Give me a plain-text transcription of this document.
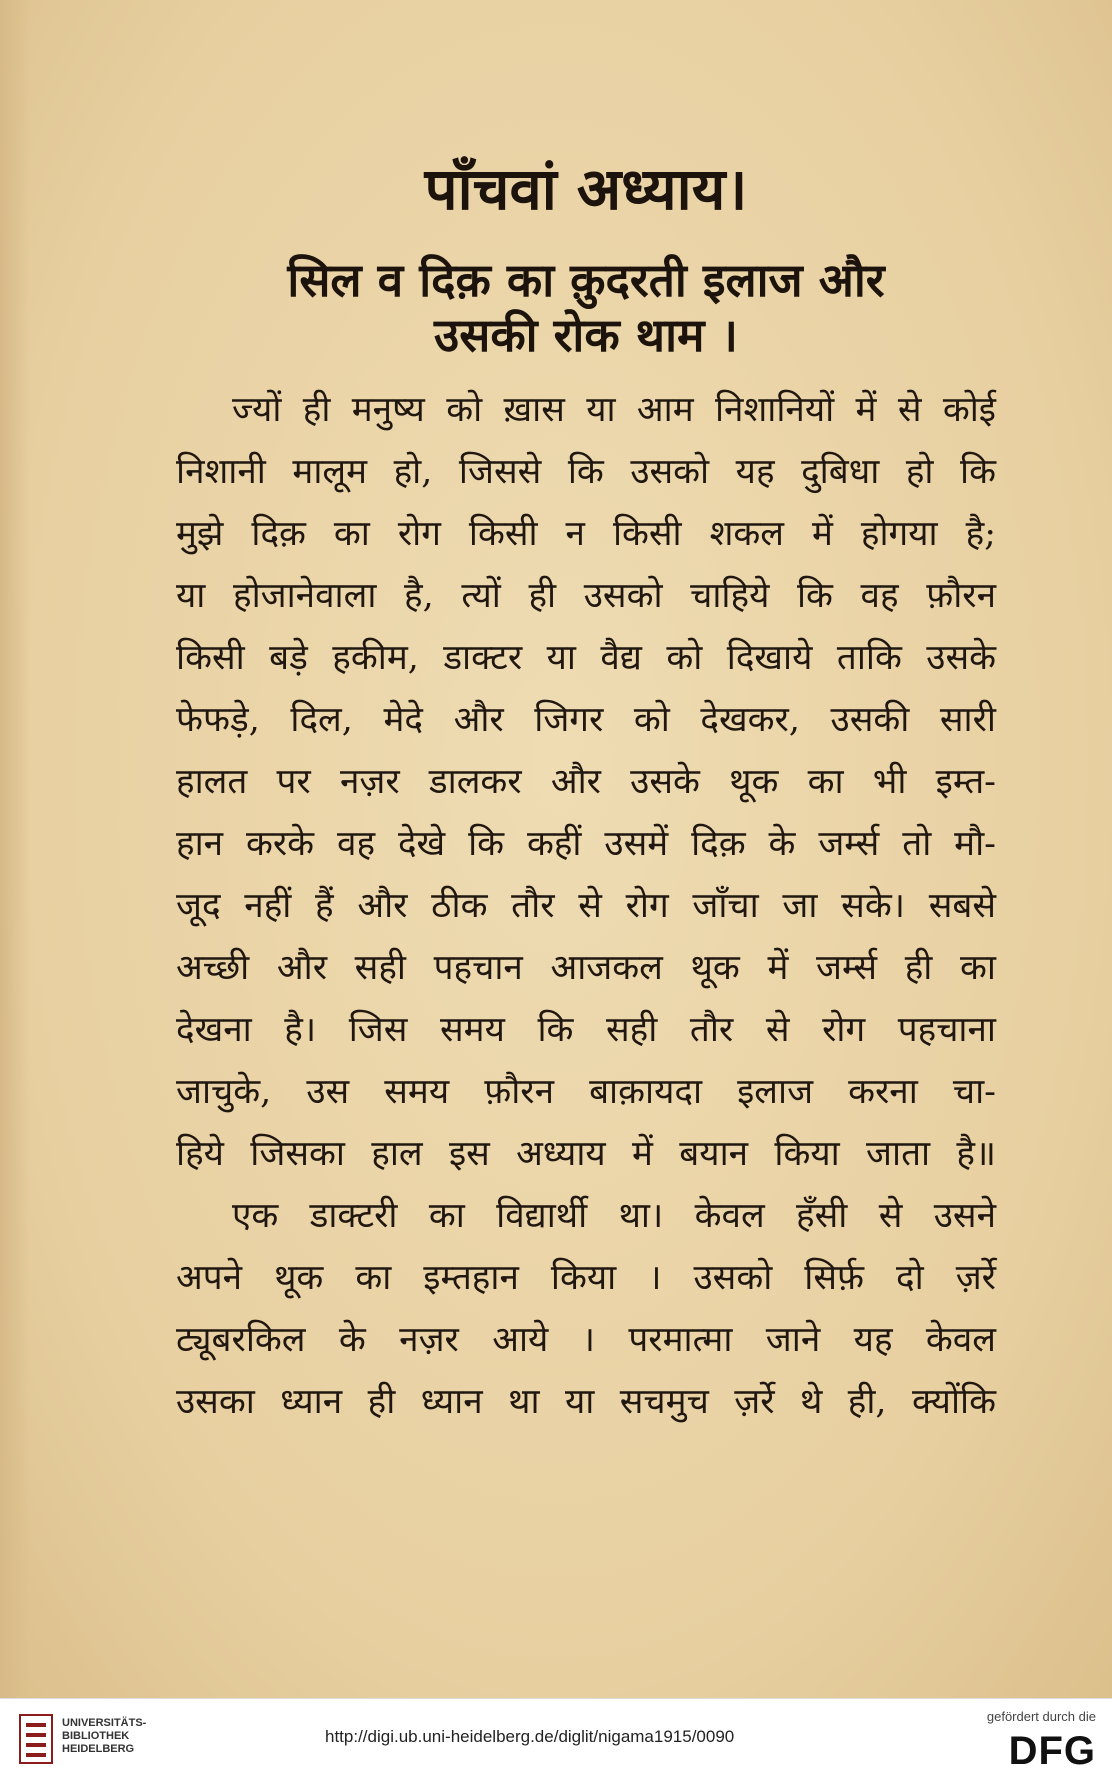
पाँचवां अध्याय।
सिल व दिक़ का क़ुदरती इलाज और
उसकी रोक थाम ।
ज्यों ही मनुष्य को ख़ास या आम निशानियों में से कोई
निशानी मालूम हो, जिससे कि उसको यह दुबिधा हो कि
मुझे दिक़ का रोग किसी न किसी शकल में होगया है;
या होजानेवाला है, त्यों ही उसको चाहिये कि वह फ़ौरन
किसी बड़े हकीम, डाक्टर या वैद्य को दिखाये ताकि उसके
फेफड़े, दिल, मेदे और जिगर को देखकर, उसकी सारी
हालत पर नज़र डालकर और उसके थूक का भी इम्त-
हान करके वह देखे कि कहीं उसमें दिक़ के जर्म्स तो मौ-
जूद नहीं हैं और ठीक तौर से रोग जाँचा जा सके। सबसे
अच्छी और सही पहचान आजकल थूक में जर्म्स ही का
देखना है। जिस समय कि सही तौर से रोग पहचाना
जाचुके, उस समय फ़ौरन बाक़ायदा इलाज करना चा-
हिये जिसका हाल इस अध्याय में बयान किया जाता है॥
एक डाक्टरी का विद्यार्थी था। केवल हँसी से उसने
अपने थूक का इम्तहान किया । उसको सिर्फ़ दो ज़र्रे
ट्यूबरकिल के नज़र आये । परमात्मा जाने यह केवल
उसका ध्यान ही ध्यान था या सचमुच ज़र्रे थे ही, क्योंकि
UNIVERSITÄTS-
BIBLIOTHEK
HEIDELBERG
http://digi.ub.uni-heidelberg.de/diglit/nigama1915/0090
gefördert durch die
DFG
